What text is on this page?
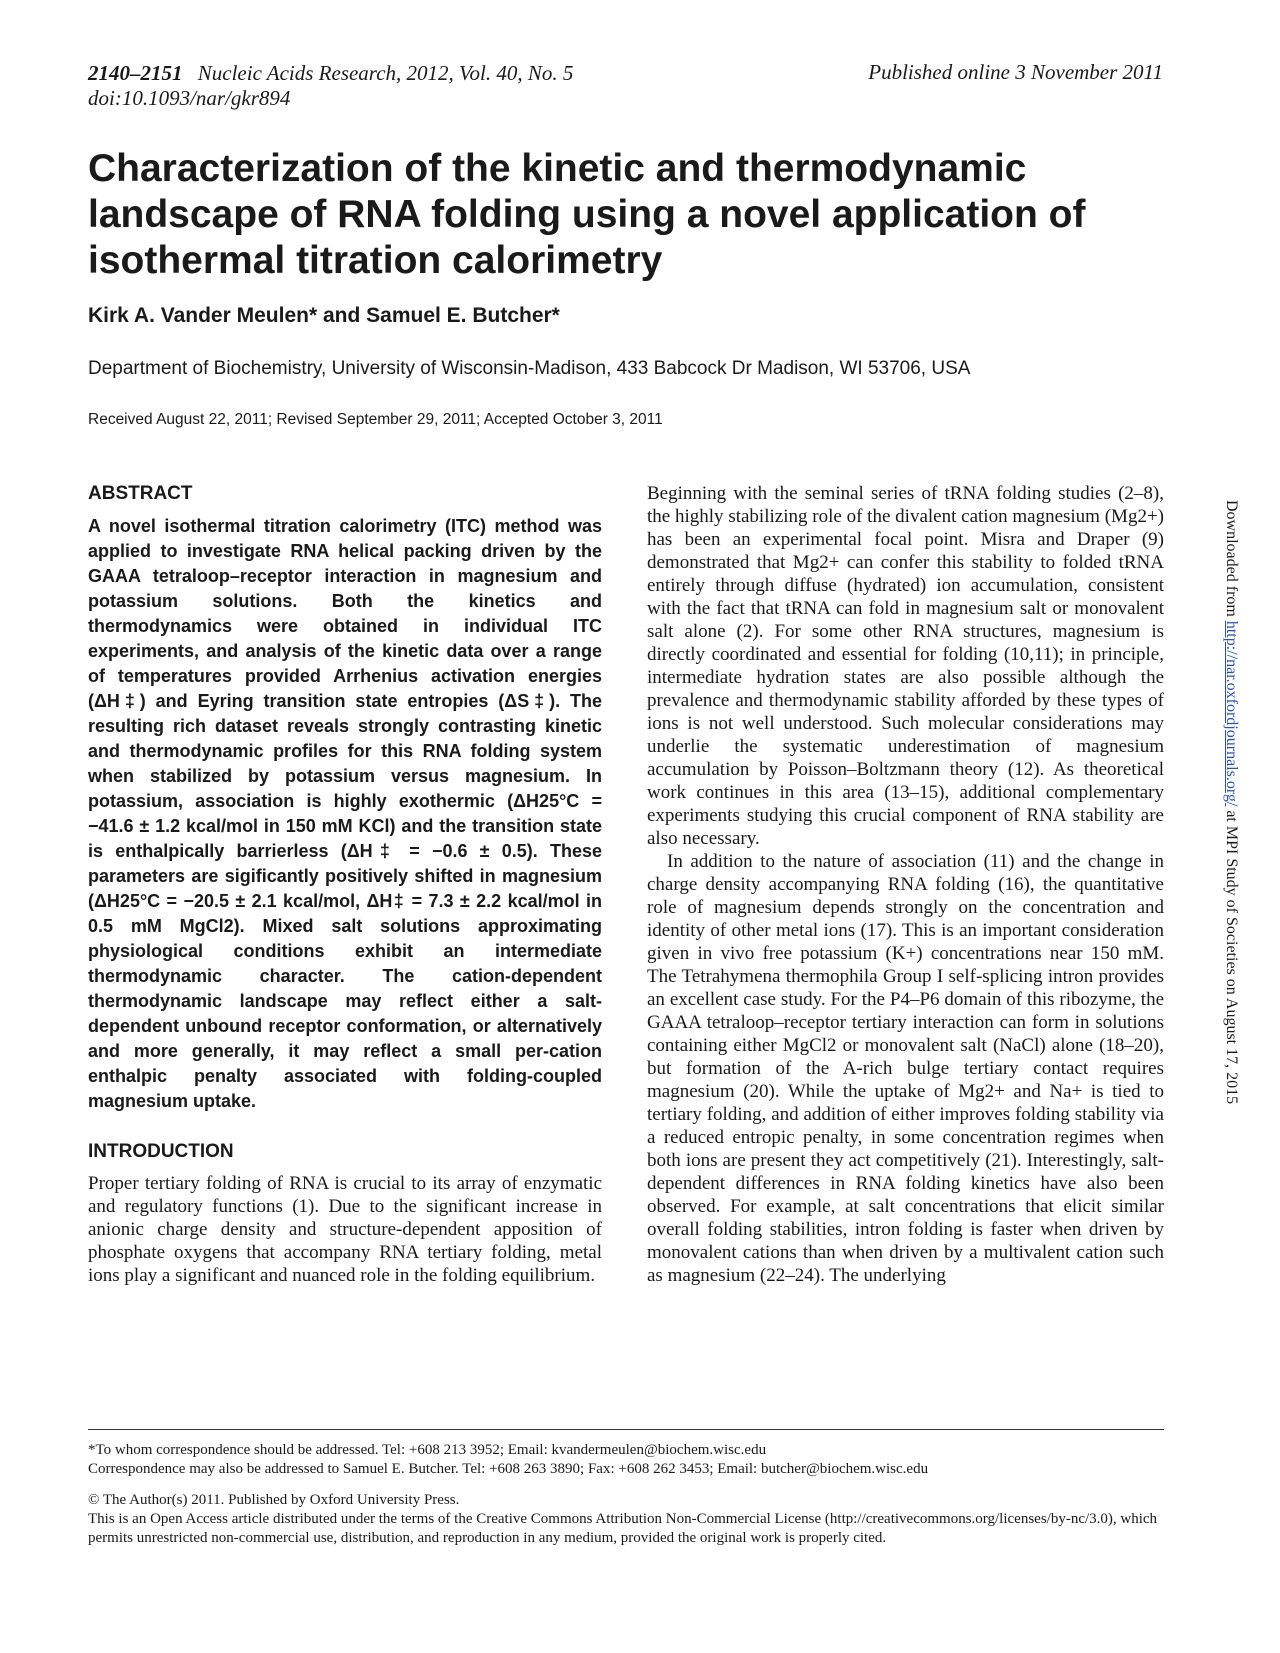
2140–2151 Nucleic Acids Research, 2012, Vol. 40, No. 5
doi:10.1093/nar/gkr894
Published online 3 November 2011
Characterization of the kinetic and thermodynamic landscape of RNA folding using a novel application of isothermal titration calorimetry
Kirk A. Vander Meulen* and Samuel E. Butcher*
Department of Biochemistry, University of Wisconsin-Madison, 433 Babcock Dr Madison, WI 53706, USA
Received August 22, 2011; Revised September 29, 2011; Accepted October 3, 2011
ABSTRACT

A novel isothermal titration calorimetry (ITC) method was applied to investigate RNA helical packing driven by the GAAA tetraloop–receptor interaction in magnesium and potassium solutions. Both the kinetics and thermodynamics were obtained in individual ITC experiments, and analysis of the kinetic data over a range of temperatures provided Arrhenius activation energies (ΔH‡) and Eyring transition state entropies (ΔS‡). The resulting rich dataset reveals strongly contrasting kinetic and thermodynamic profiles for this RNA folding system when stabilized by potassium versus magnesium. In potassium, association is highly exothermic (ΔH25°C = −41.6 ± 1.2 kcal/mol in 150 mM KCl) and the transition state is enthalpically barrierless (ΔH‡ = −0.6 ± 0.5). These parameters are sigificantly positively shifted in magnesium (ΔH25°C = −20.5 ± 2.1 kcal/mol, ΔH‡ = 7.3 ± 2.2 kcal/mol in 0.5 mM MgCl2). Mixed salt solutions approximating physiological conditions exhibit an intermediate thermodynamic character. The cation-dependent thermodynamic landscape may reflect either a salt-dependent unbound receptor conformation, or alternatively and more generally, it may reflect a small per-cation enthalpic penalty associated with folding-coupled magnesium uptake.

INTRODUCTION

Proper tertiary folding of RNA is crucial to its array of enzymatic and regulatory functions (1). Due to the significant increase in anionic charge density and structure-dependent apposition of phosphate oxygens that accompany RNA tertiary folding, metal ions play a significant and nuanced role in the folding equilibrium.

Beginning with the seminal series of tRNA folding studies (2–8), the highly stabilizing role of the divalent cation magnesium (Mg2+) has been an experimental focal point. Misra and Draper (9) demonstrated that Mg2+ can confer this stability to folded tRNA entirely through diffuse (hydrated) ion accumulation, consistent with the fact that tRNA can fold in magnesium salt or monovalent salt alone (2). For some other RNA structures, magnesium is directly coordinated and essential for folding (10,11); in principle, intermediate hydration states are also possible although the prevalence and thermodynamic stability afforded by these types of ions is not well understood. Such molecular considerations may underlie the systematic underestimation of magnesium accumulation by Poisson–Boltzmann theory (12). As theoretical work continues in this area (13–15), additional complementary experiments studying this crucial component of RNA stability are also necessary.

In addition to the nature of association (11) and the change in charge density accompanying RNA folding (16), the quantitative role of magnesium depends strongly on the concentration and identity of other metal ions (17). This is an important consideration given in vivo free potassium (K+) concentrations near 150 mM. The Tetrahymena thermophila Group I self-splicing intron provides an excellent case study. For the P4–P6 domain of this ribozyme, the GAAA tetraloop–receptor tertiary interaction can form in solutions containing either MgCl2 or monovalent salt (NaCl) alone (18–20), but formation of the A-rich bulge tertiary contact requires magnesium (20). While the uptake of Mg2+ and Na+ is tied to tertiary folding, and addition of either improves folding stability via a reduced entropic penalty, in some concentration regimes when both ions are present they act competitively (21). Interestingly, salt-dependent differences in RNA folding kinetics have also been observed. For example, at salt concentrations that elicit similar overall folding stabilities, intron folding is faster when driven by monovalent cations than when driven by a multivalent cation such as magnesium (22–24). The underlying

*To whom correspondence should be addressed. Tel: +608 213 3952; Email: kvandermeulen@biochem.wisc.edu
Correspondence may also be addressed to Samuel E. Butcher. Tel: +608 263 3890; Fax: +608 262 3453; Email: butcher@biochem.wisc.edu
© The Author(s) 2011. Published by Oxford University Press.
This is an Open Access article distributed under the terms of the Creative Commons Attribution Non-Commercial License (http://creativecommons.org/licenses/by-nc/3.0), which permits unrestricted non-commercial use, distribution, and reproduction in any medium, provided the original work is properly cited.
Downloaded from http://nar.oxfordjournals.org/ at MPI Study of Societies on August 17, 2015
